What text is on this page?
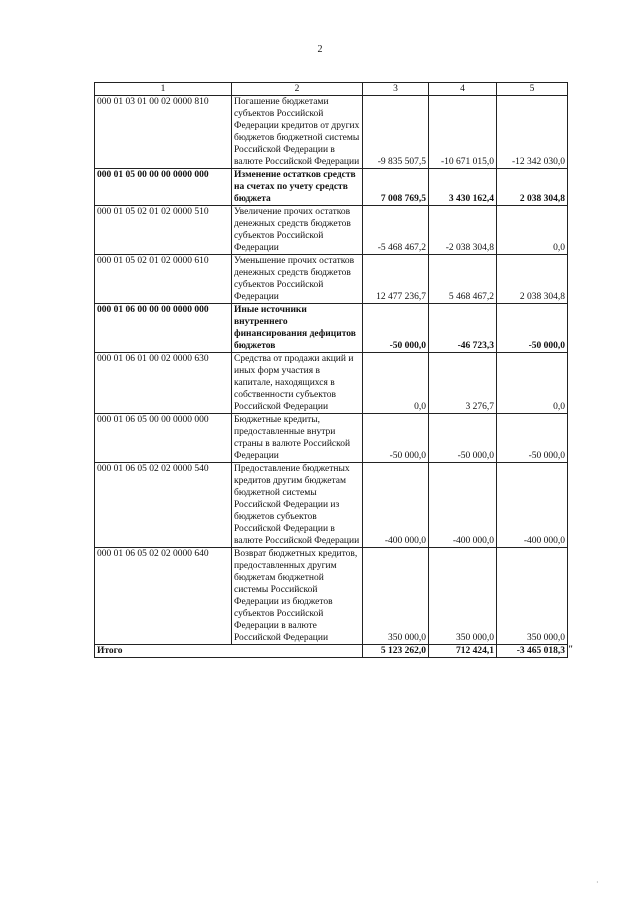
2
1	2	3	4	5
000 01 03 01 00 02 0000 810	Погашение бюджетами субъектов Российской Федерации кредитов от других бюджетов бюджетной системы Российской Федерации в валюте Российской Федерации	-9 835 507,5	-10 671 015,0	-12 342 030,0
000 01 05 00 00 00 0000 000	Изменение остатков средств на счетах по учету средств бюджета	7 008 769,5	3 430 162,4	2 038 304,8
000 01 05 02 01 02 0000 510	Увеличение прочих остатков денежных средств бюджетов субъектов Российской Федерации	-5 468 467,2	-2 038 304,8	0,0
000 01 05 02 01 02 0000 610	Уменьшение прочих остатков денежных средств бюджетов субъектов Российской Федерации	12 477 236,7	5 468 467,2	2 038 304,8
000 01 06 00 00 00 0000 000	Иные источники внутреннего финансирования дефицитов бюджетов	-50 000,0	-46 723,3	-50 000,0
000 01 06 01 00 02 0000 630	Средства от продажи акций и иных форм участия в капитале, находящихся в собственности субъектов Российской Федерации	0,0	3 276,7	0,0
000 01 06 05 00 00 0000 000	Бюджетные кредиты, предоставленные внутри страны в валюте Российской Федерации	-50 000,0	-50 000,0	-50 000,0
000 01 06 05 02 02 0000 540	Предоставление бюджетных кредитов другим бюджетам бюджетной системы Российской Федерации из бюджетов субъектов Российской Федерации в валюте Российской Федерации	-400 000,0	-400 000,0	-400 000,0
000 01 06 05 02 02 0000 640	Возврат бюджетных кредитов, предоставленных другим бюджетам бюджетной системы Российской Федерации из бюджетов субъектов Российской Федерации в валюте Российской Федерации	350 000,0	350 000,0	350 000,0
Итого		5 123 262,0	712 424,1	-3 465 018,3 "
·
